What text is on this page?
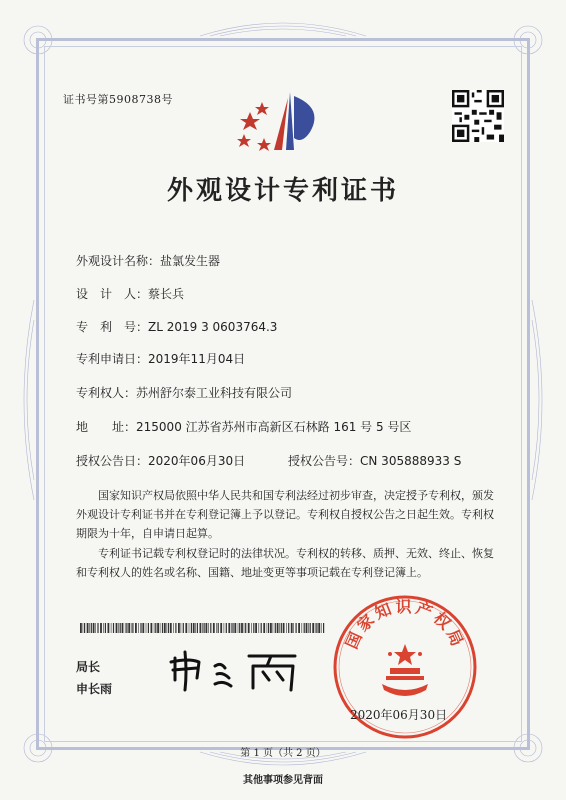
证书号第5908738号
外观设计专利证书
外观设计名称：盐氯发生器
设　计　人：蔡长兵
专　利　号：ZL 2019 3 0603764.3
专利申请日：2019年11月04日
专利权人：苏州舒尔泰工业科技有限公司
地　　址：215000 江苏省苏州市高新区石林路 161 号 5 号区
授权公告日：2020年06月30日	授权公告号：CN 305888933 S
　　国家知识产权局依照中华人民共和国专利法经过初步审查，决定授予专利权，颁发外观设计专利证书并在专利登记簿上予以登记。专利权自授权公告之日起生效。专利权期限为十年，自申请日起算。
　　专利证书记载专利权登记时的法律状况。专利权的转移、质押、无效、终止、恢复和专利权人的姓名或名称、国籍、地址变更等事项记载在专利登记簿上。
局长
申长雨
国家知识产权局
2020年06月30日
第 1 页（共 2 页）
其他事项参见背面
